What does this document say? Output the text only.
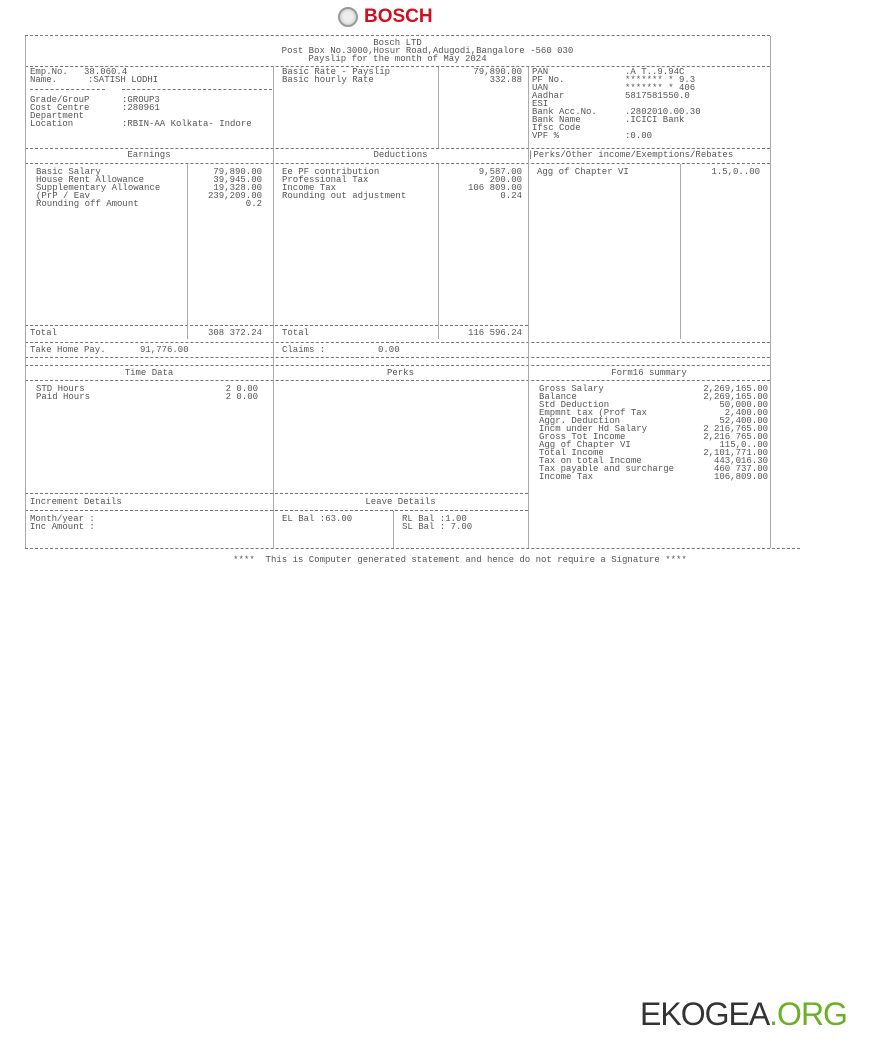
BOSCH
Bosch LTD
Post Box No.3000,Hosur Road,Adugodi,Bangalore -560 030
Payslip for the month of May 2024
Emp.No. 38.060.4
Name.	:SATISH LODHI
Grade/GrouP	:GROUP3
Cost Centre	:280961
Department
Location	:RBIN-AA Kolkata- Indore
Basic Rate - Payslip	79,890.00
Basic hourly Rate	332.88
PAN	.A T..9.94C
PF No.	******* * 9.3
UAN	******* * 406
Aadhar	5817581550.0
ESI
Bank Acc.No.	.2802010.00.30
Bank Name	.ICICI Bank
Ifsc Code
VPF %	:0.00
Earnings	Deductions	|Perks/Other income/Exemptions/Rebates
Basic Salary	79,890.00
House Rent Allowance	39,945.00
Supplementary Allowance	19,328.00
(PrP / Eav	239,209.00
Rounding off Amount	0.2
Ee PF contribution	9,587.00
Professional Tax	200.00
Income Tax	106 809.00
Rounding out adjustment	0.24
Agg of Chapter VI	1.5,0..00
STD Hours	2 0.00
Paid Hours	2 0.00
Gross Salary	2,269,165.00
Balance	2,269,165.00
Std Deduction	50,000.00
Empmnt tax (Prof Tax	2,400.00
Aggr. Deduction	52,400.00
Incm under Hd Salary	2 216,765.00
Gross Tot Income	2,216 765.00
Agg of Chapter VI	115,0..00
Total Income	2,101,771.00
Tax on total Income	443,016.30
Tax payable and surcharge	460 737.00
Income Tax	106,809.00
Total	308 372.24 Total	116 596.24
Take Home Pay.	91,776.00	Claims :	0.00
Time Data	Perks	Form16 summary
Increment Details	Leave Details
Month/year :
Inc Amount :
EL Bal :63.00	RL Bal :1.00
SL Bal : 7.00
****  This is Computer generated statement and hence do not require a Signature ****
EKOGEA.ORG
